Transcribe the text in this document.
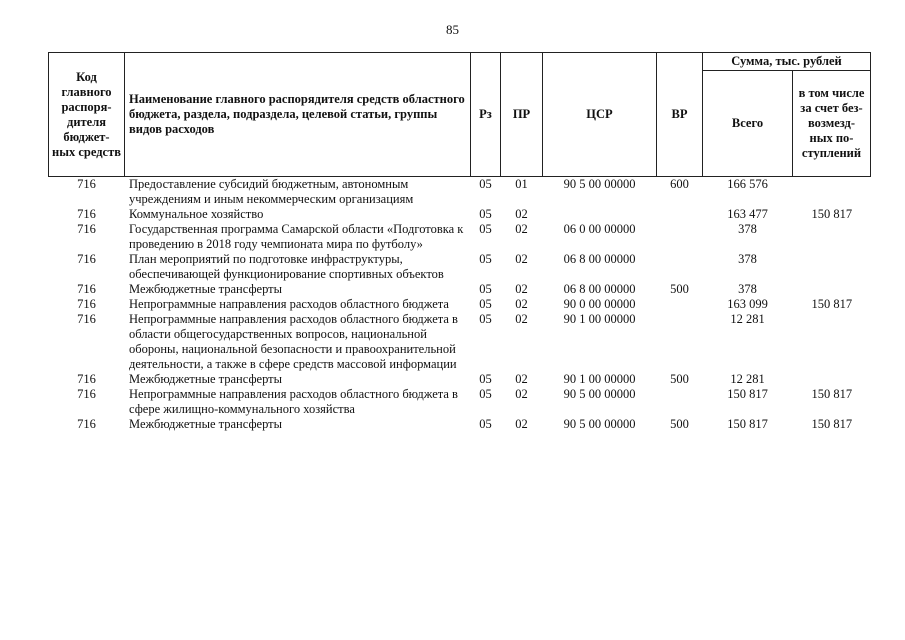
85
Код главного распоря- дителя бюджет- ных средств	Наименование главного распорядителя средств областного бюджета, раздела, подраздела, целевой статьи, группы видов расходов	Рз	ПР	ЦСР	ВР	Сумма, тыс. рублей	
						Всего	в том числе за счет без- возмезд- ных по- ступлений
716	Предоставление субсидий бюджетным, автономным учреждениям и иным некоммерческим организациям	05	01	90 5 00 00000	600	166 576	
716	Коммунальное хозяйство	05	02			163 477	150 817
716	Государственная программа Самарской области «Подготовка к проведению в 2018 году чемпионата мира по футболу»	05	02	06 0 00 00000		378	
716	План мероприятий по подготовке инфраструктуры, обеспечивающей функционирование спортивных объектов	05	02	06 8 00 00000		378	
716	Межбюджетные трансферты	05	02	06 8 00 00000	500	378	
716	Непрограммные направления расходов областного бюджета	05	02	90 0 00 00000		163 099	150 817
716	Непрограммные направления расходов областного бюджета в области общегосударственных вопросов, национальной обороны, национальной безопасности и правоохранительной деятельности, а также в сфере средств массовой информации	05	02	90 1 00 00000		12 281	
716	Межбюджетные трансферты	05	02	90 1 00 00000	500	12 281	
716	Непрограммные направления расходов областного бюджета в сфере жилищно-коммунального хозяйства	05	02	90 5 00 00000		150 817	150 817
716	Межбюджетные трансферты	05	02	90 5 00 00000	500	150 817	150 817
